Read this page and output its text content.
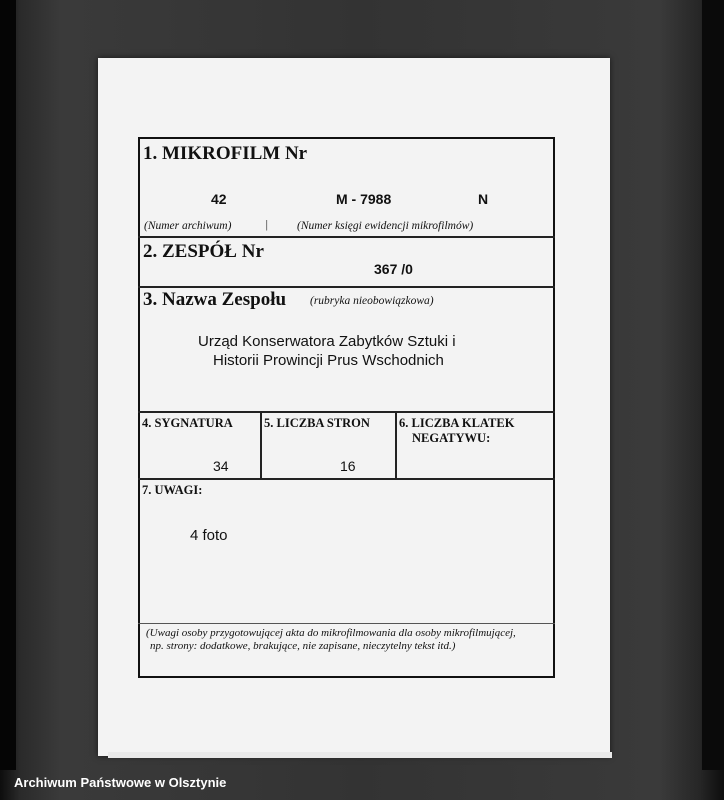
1. MIKROFILM Nr
42	M - 7988	N
(Numer archiwum)	|	(Numer księgi ewidencji mikrofilmów)
2. ZESPÓŁ Nr
367 /0
3. Nazwa Zespołu (rubryka nieobowiązkowa)
Urząd Konserwatora Zabytków Sztuki i
Historii Prowincji Prus Wschodnich
4. SYGNATURA
34
5. LICZBA STRON
16
6. LICZBA KLATEK
NEGATYWU:
7. UWAGI:
4 foto
(Uwagi osoby przygotowującej akta do mikrofilmowania dla osoby mikrofilmującej,
np. strony: dodatkowe, brakujące, nie zapisane, nieczytelny tekst itd.)
Archiwum Państwowe w Olsztynie
